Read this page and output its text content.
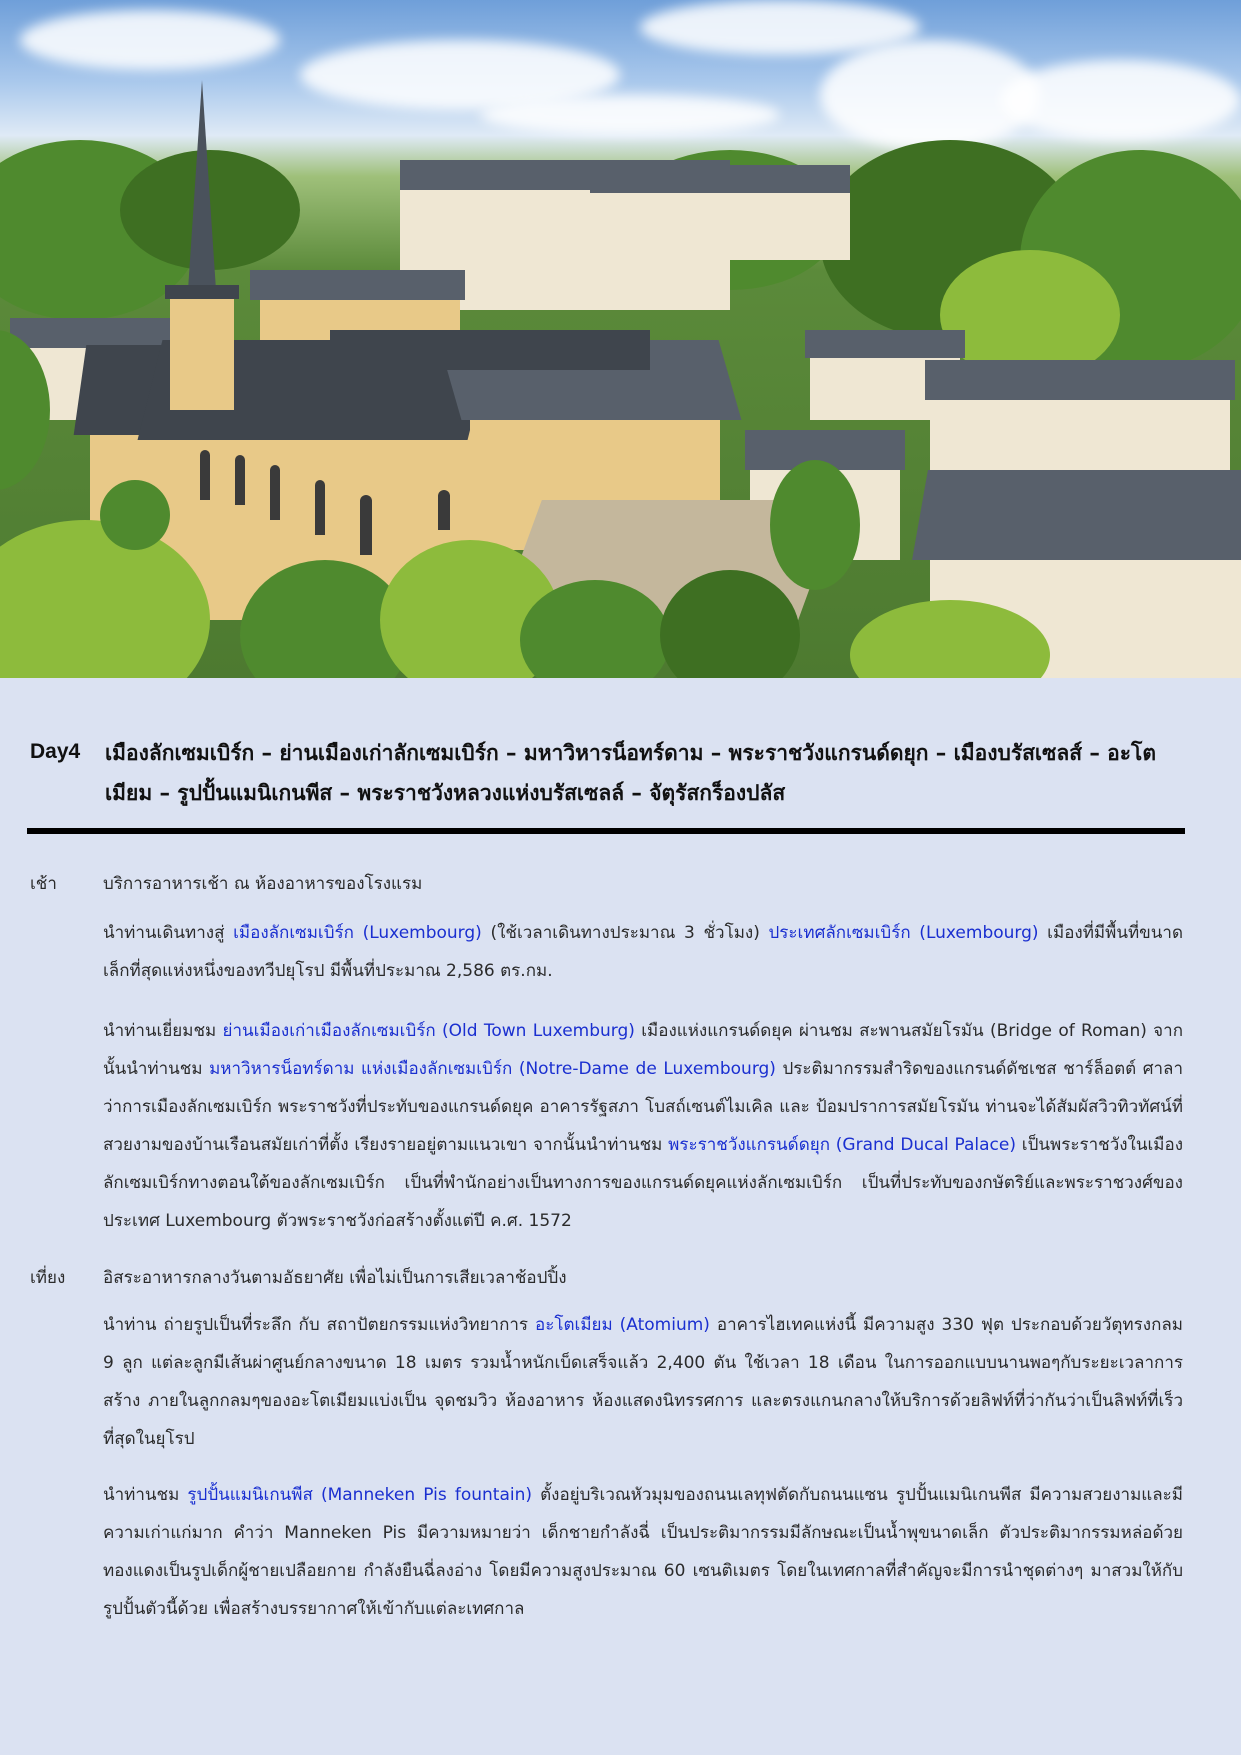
Day4 เมืองลักเซมเบิร์ก – ย่านเมืองเก่าลักเซมเบิร์ก – มหาวิหารน็อทร์ดาม – พระราชวังแกรนด์ดยุก – เมืองบรัสเซลส์ – อะโตเมียม – รูปปั้นแมนิเกนพีส – พระราชวังหลวงแห่งบรัสเซลล์ – จัตุรัสกร็องปลัส
เช้า	บริการอาหารเช้า ณ ห้องอาหารของโรงแรม
นำท่านเดินทางสู่ เมืองลักเซมเบิร์ก (Luxembourg) (ใช้เวลาเดินทางประมาณ 3 ชั่วโมง) ประเทศลักเซมเบิร์ก (Luxembourg) เมืองที่มีพื้นที่ขนาดเล็กที่สุดแห่งหนึ่งของทวีปยุโรป มีพื้นที่ประมาณ 2,586 ตร.กม.
นำท่านเยี่ยมชม ย่านเมืองเก่าเมืองลักเซมเบิร์ก (Old Town Luxemburg) เมืองแห่งแกรนด์ดยุค ผ่านชม สะพานสมัยโรมัน (Bridge of Roman) จากนั้นนำท่านชม มหาวิหารน็อทร์ดาม แห่งเมืองลักเซมเบิร์ก (Notre-Dame de Luxembourg) ประติมากรรมสำริดของแกรนด์ดัชเชส ชาร์ล็อตต์ ศาลาว่าการเมืองลักเซมเบิร์ก พระราชวังที่ประทับของแกรนด์ดยุค อาคารรัฐสภา โบสถ์เซนต์ไมเคิล และ ป้อมปราการสมัยโรมัน ท่านจะได้สัมผัสวิวทิวทัศน์ที่สวยงามของบ้านเรือนสมัยเก่าที่ตั้ง เรียงรายอยู่ตามแนวเขา จากนั้นนำท่านชม พระราชวังแกรนด์ดยุก (Grand Ducal Palace) เป็นพระราชวังในเมืองลักเซมเบิร์กทางตอนใต้ของลักเซมเบิร์ก เป็นที่พำนักอย่างเป็นทางการของแกรนด์ดยุคแห่งลักเซมเบิร์ก เป็นที่ประทับของกษัตริย์และพระราชวงศ์ของประเทศ Luxembourg ตัวพระราชวังก่อสร้างตั้งแต่ปี ค.ศ. 1572
เที่ยง อิสระอาหารกลางวันตามอัธยาศัย เพื่อไม่เป็นการเสียเวลาช้อปปิ้ง
นำท่าน ถ่ายรูปเป็นที่ระลึก กับ สถาปัตยกรรมแห่งวิทยาการ อะโตเมียม (Atomium) อาคารไฮเทคแห่งนี้ มีความสูง 330 ฟุต ประกอบด้วยวัตุทรงกลม 9 ลูก แต่ละลูกมีเส้นผ่าศูนย์กลางขนาด 18 เมตร รวมน้ำหนักเบ็ดเสร็จแล้ว 2,400 ตัน ใช้เวลา 18 เดือน ในการออกแบบนานพอๆกับระยะเวลาการสร้าง ภายในลูกกลมๆของอะโตเมียมแบ่งเป็น จุดชมวิว ห้องอาหาร ห้องแสดงนิทรรศการ และตรงแกนกลางให้บริการด้วยลิฟท์ที่ว่ากันว่าเป็นลิฟท์ที่เร็วที่สุดในยุโรป
นำท่านชม รูปปั้นแมนิเกนพีส (Manneken Pis fountain) ตั้งอยู่บริเวณหัวมุมของถนนเลทุฟตัดกับถนนแซน รูปปั้นแมนิเกนพีส มีความสวยงามและมีความเก่าแก่มาก คำว่า Manneken Pis มีความหมายว่า เด็กชายกำลังฉี่ เป็นประติมากรรมมีลักษณะเป็นน้ำพุขนาดเล็ก ตัวประติมากรรมหล่อด้วยทองแดงเป็นรูปเด็กผู้ชายเปลือยกาย กำลังยืนฉี่ลงอ่าง โดยมีความสูงประมาณ 60 เซนติเมตร โดยในเทศกาลที่สำคัญจะมีการนำชุดต่างๆ มาสวมให้กับรูปปั้นตัวนี้ด้วย เพื่อสร้างบรรยากาศให้เข้ากับแต่ละเทศกาล
